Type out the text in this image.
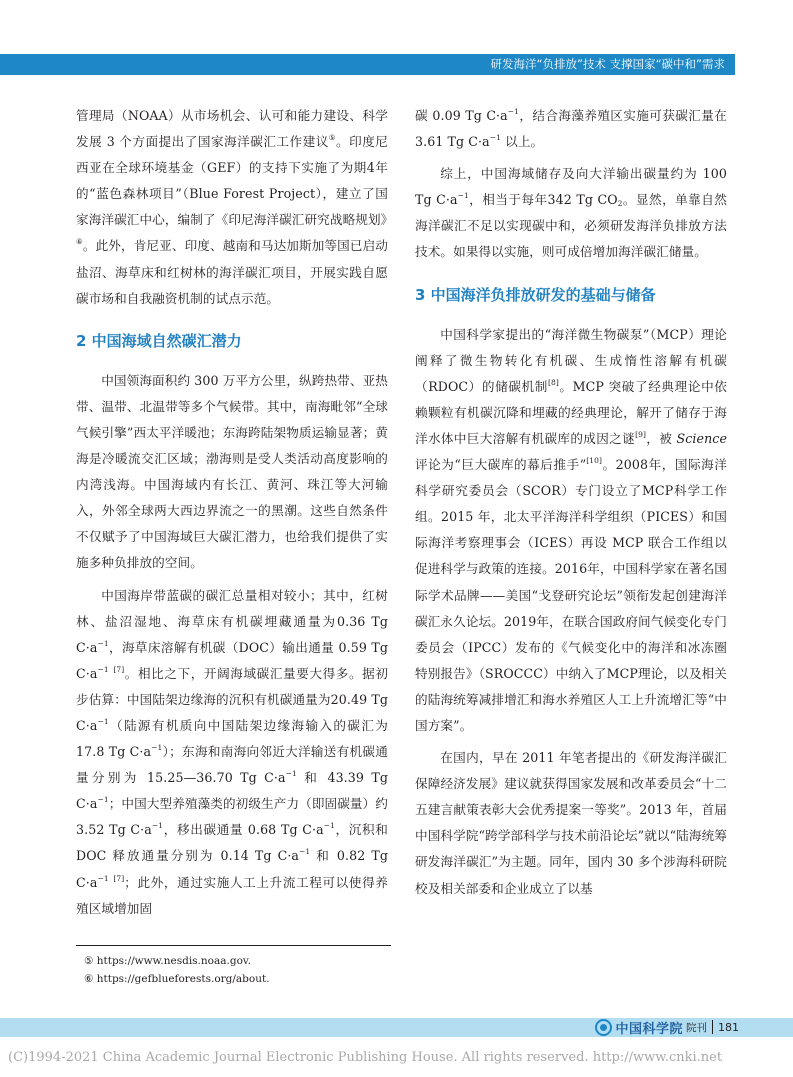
研发海洋“负排放”技术 支撑国家“碳中和”需求

管理局（NOAA）从市场机会、认可和能力建设、科学发展 3 个方面提出了国家海洋碳汇工作建议⑤。印度尼西亚在全球环境基金（GEF）的支持下实施了为期4年的“蓝色森林项目”（Blue Forest Project），建立了国家海洋碳汇中心，编制了《印尼海洋碳汇研究战略规划》⑥。此外，肯尼亚、印度、越南和马达加斯加等国已启动盐沼、海草床和红树林的海洋碳汇项目，开展实践自愿碳市场和自我融资机制的试点示范。

2 中国海域自然碳汇潜力

中国领海面积约 300 万平方公里，纵跨热带、亚热带、温带、北温带等多个气候带。其中，南海毗邻“全球气候引擎”西太平洋暖池；东海跨陆架物质运输显著；黄海是冷暖流交汇区域；渤海则是受人类活动高度影响的内湾浅海。中国海域内有长江、黄河、珠江等大河输入，外邻全球两大西边界流之一的黑潮。这些自然条件不仅赋予了中国海域巨大碳汇潜力，也给我们提供了实施多种负排放的空间。

中国海岸带蓝碳的碳汇总量相对较小；其中，红树林、盐沼湿地、海草床有机碳埋藏通量为0.36 Tg $C\cdot a^{-1}$，海草床溶解有机碳（DOC）输出通量 0.59 Tg $C\cdot a^{-1}$ [7]。相比之下，开阔海域碳汇量要大得多。据初步估算：中国陆架边缘海的沉积有机碳通量为20.49 Tg $C\cdot a^{-1}$（陆源有机质向中国陆架边缘海输入的碳汇为17.8 Tg $C\cdot a^{-1}$）；东海和南海向邻近大洋输送有机碳通量分别为 15.25—36.70 Tg $C\cdot a^{-1}$ 和 43.39 Tg $C\cdot a^{-1}$；中国大型养殖藻类的初级生产力（即固碳量）约 3.52 Tg $C\cdot a^{-1}$，移出碳通量 0.68 Tg $C\cdot a^{-1}$，沉积和 DOC 释放通量分别为 0.14 Tg $C\cdot a^{-1}$ 和 0.82 Tg $C\cdot a^{-1}$ [7]；此外，通过实施人工上升流工程可以使得养殖区域增加固

碳 0.09 Tg $C\cdot a^{-1}$，结合海藻养殖区实施可获碳汇量在3.61 Tg $C\cdot a^{-1}$ 以上。

综上，中国海域储存及向大洋输出碳量约为 100 Tg $C\cdot a^{-1}$，相当于每年342 Tg $CO_2$。显然，单靠自然海洋碳汇不足以实现碳中和，必须研发海洋负排放方法技术。如果得以实施，则可成倍增加海洋碳汇储量。

3 中国海洋负排放研发的基础与储备

中国科学家提出的“海洋微生物碳泵”（MCP）理论阐释了微生物转化有机碳、生成惰性溶解有机碳（RDOC）的储碳机制[8]。MCP 突破了经典理论中依赖颗粒有机碳沉降和埋藏的经典理论，解开了储存于海洋水体中巨大溶解有机碳库的成因之谜[9]，被 Science 评论为“巨大碳库的幕后推手”[10]。2008年，国际海洋科学研究委员会（SCOR）专门设立了MCP科学工作组。2015 年，北太平洋海洋科学组织（PICES）和国际海洋考察理事会（ICES）再设 MCP 联合工作组以促进科学与政策的连接。2016年，中国科学家在著名国际学术品牌——美国“戈登研究论坛”领衔发起创建海洋碳汇永久论坛。2019年，在联合国政府间气候变化专门委员会（IPCC）发布的《气候变化中的海洋和冰冻圈特别报告》（SROCCC）中纳入了MCP理论，以及相关的陆海统筹减排增汇和海水养殖区人工上升流增汇等“中国方案”。

在国内，早在 2011 年笔者提出的《研发海洋碳汇保障经济发展》建议就获得国家发展和改革委员会“十二五建言献策表彰大会优秀提案一等奖”。2013 年，首届中国科学院“跨学部科学与技术前沿论坛”就以“陆海统筹研发海洋碳汇”为主题。同年，国内 30 多个涉海科研院校及相关部委和企业成立了以基

⑤ https://www.nesdis.noaa.gov.
⑥ https://gefblueforests.org/about.
中国科学院 院刊 181
(C)1994-2021 China Academic Journal Electronic Publishing House. All rights reserved. http://www.cnki.net
